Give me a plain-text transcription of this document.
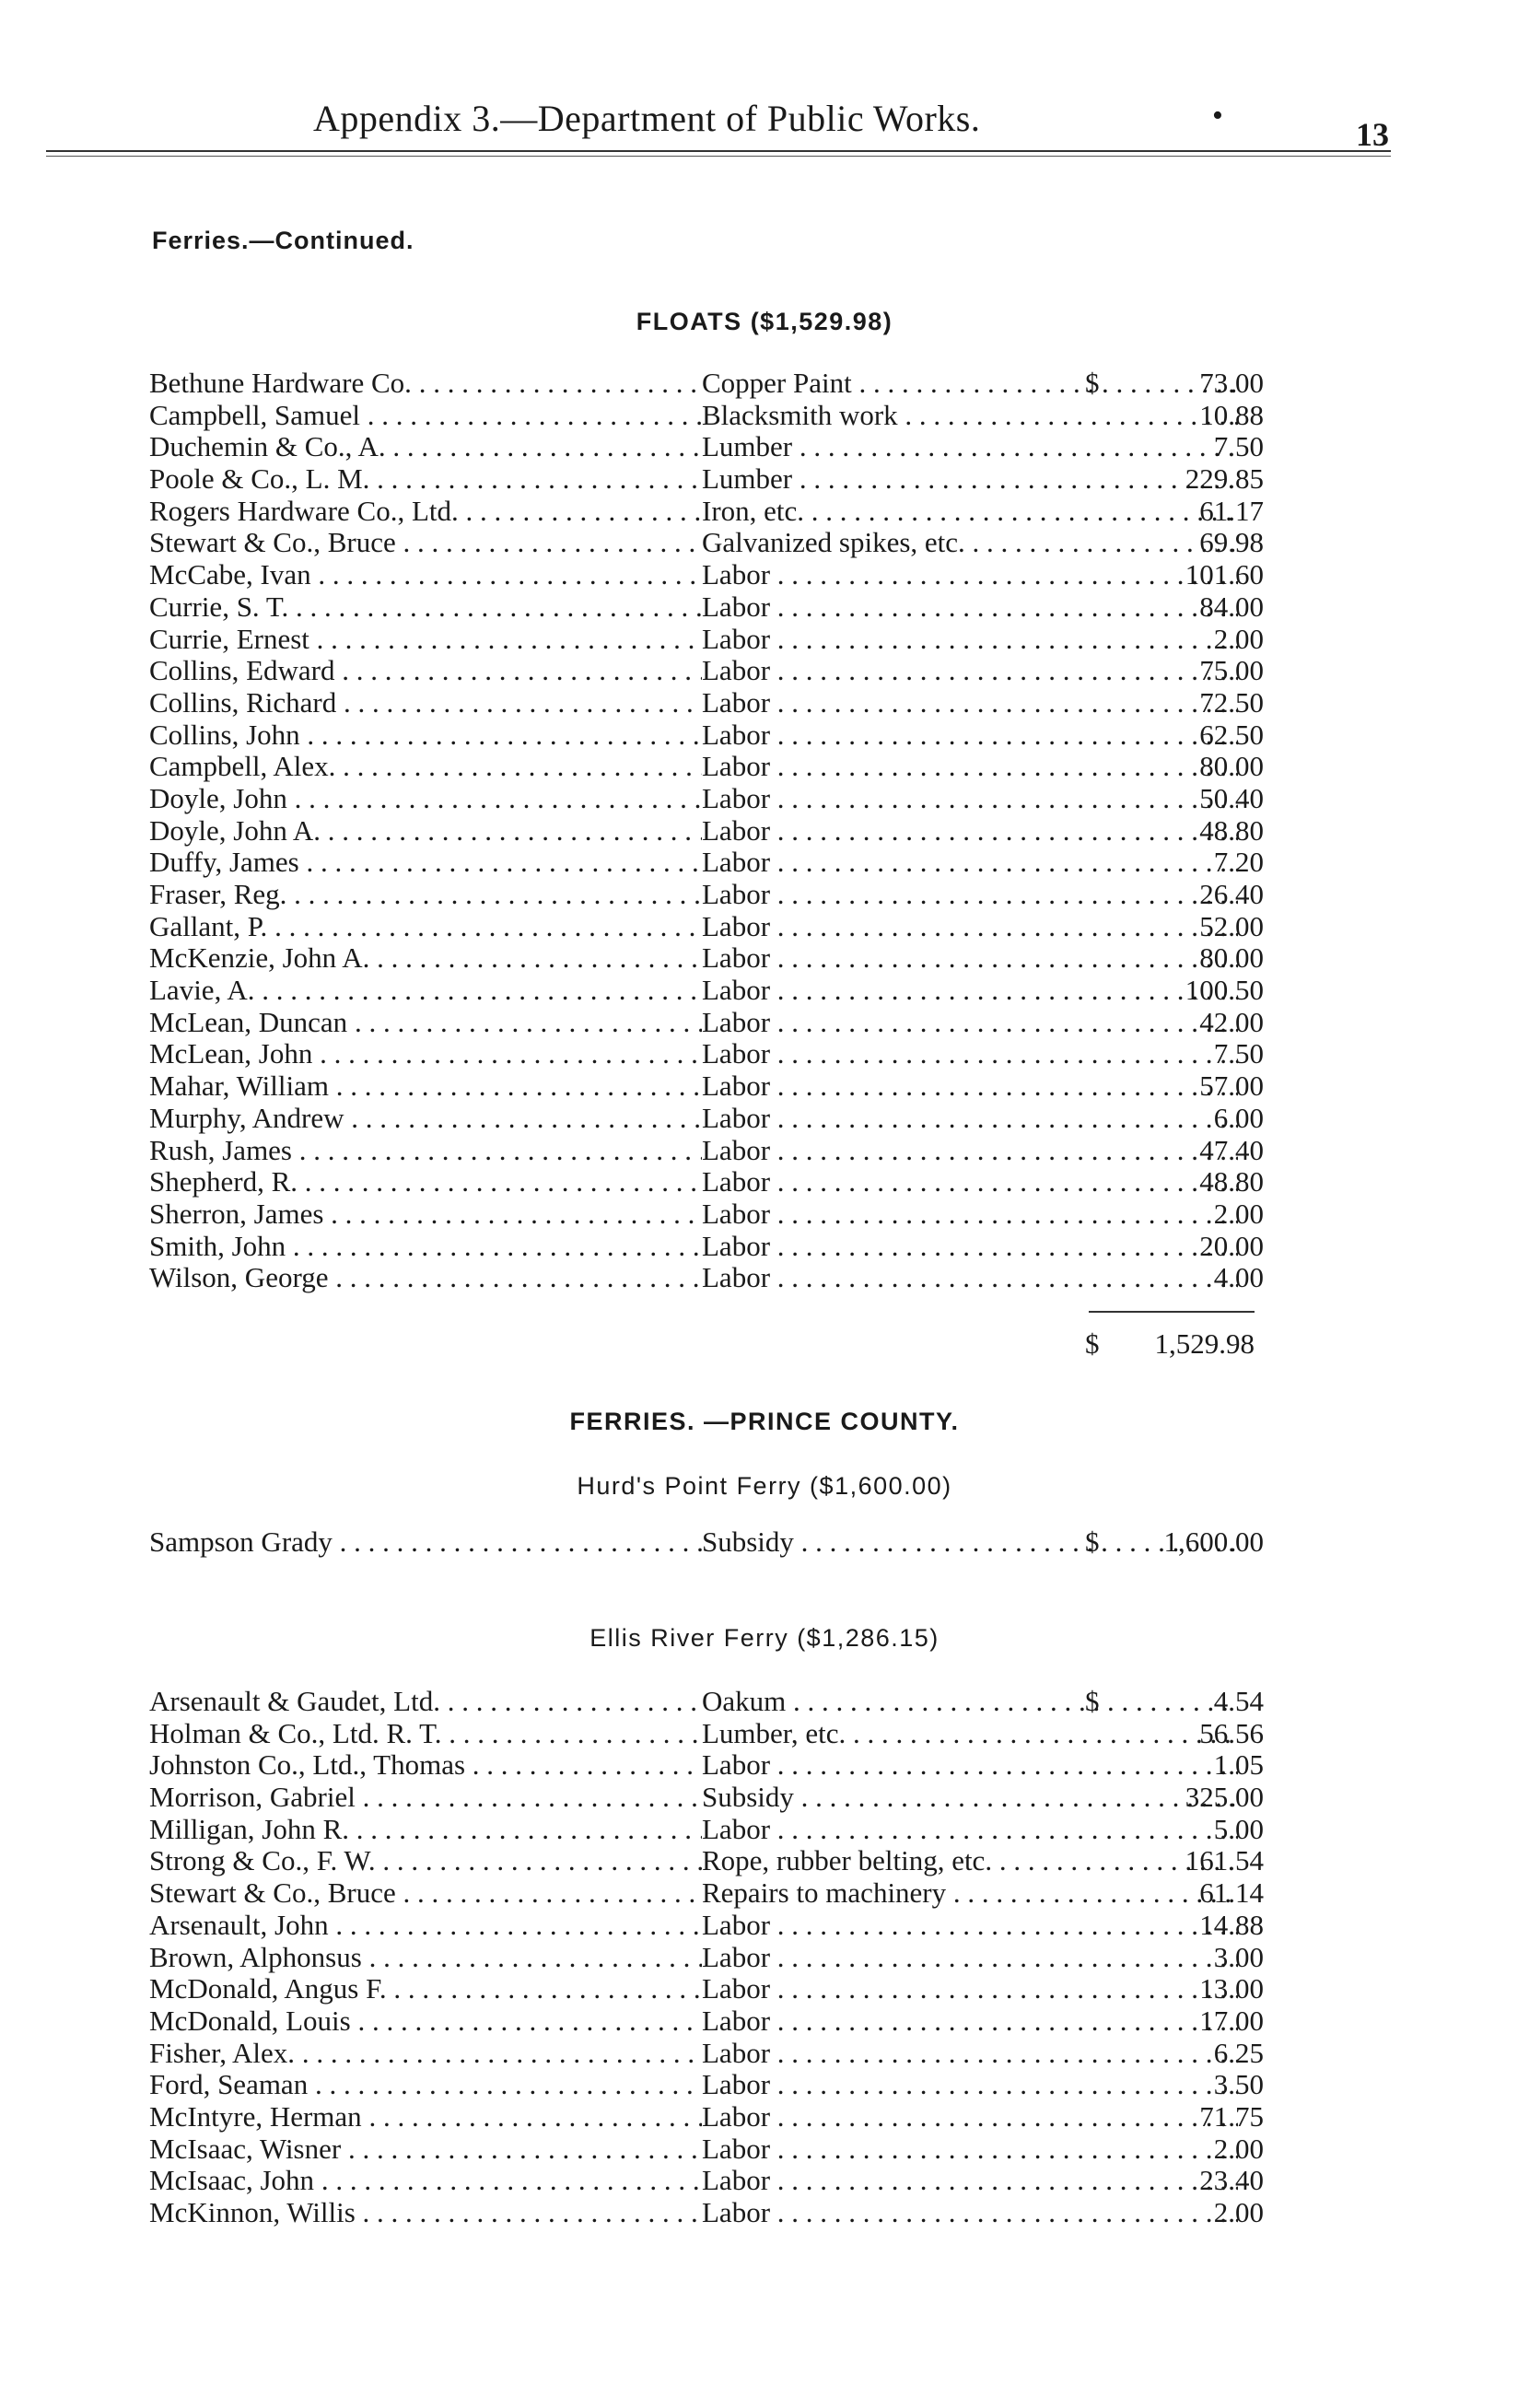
Appendix 3.—Department of Public Works.	•
13
Ferries.—Continued.
FLOATS ($1,529.98)
Bethune Hardware Co. . . .	Copper Paint . . .	$	73.00
Campbell, Samuel . . .	Blacksmith work . . .	10.88
Duchemin & Co., A. . . .	Lumber . . .	7.50
Poole & Co., L. M. . . .	Lumber . . .	229.85
Rogers Hardware Co., Ltd. . . .	Iron, etc. . . .	61.17
Stewart & Co., Bruce . . .	Galvanized spikes, etc. . . .	69.98
McCabe, Ivan . . .	Labor . . .	101.60
Currie, S. T. . . .	Labor . . .	84.00
Currie, Ernest . . .	Labor . . .	2.00
Collins, Edward . . .	Labor . . .	75.00
Collins, Richard . . .	Labor . . .	72.50
Collins, John . . .	Labor . . .	62.50
Campbell, Alex. . . .	Labor . . .	80.00
Doyle, John . . .	Labor . . .	50.40
Doyle, John A. . . .	Labor . . .	48.80
Duffy, James . . .	Labor . . .	7.20
Fraser, Reg. . . .	Labor . . .	26.40
Gallant, P. . . .	Labor . . .	52.00
McKenzie, John A. . . .	Labor . . .	80.00
Lavie, A. . . .	Labor . . .	100.50
McLean, Duncan . . .	Labor . . .	42.00
McLean, John . . .	Labor . . .	7.50
Mahar, William . . .	Labor . . .	57.00
Murphy, Andrew . . .	Labor . . .	6.00
Rush, James . . .	Labor . . .	47.40
Shepherd, R. . . .	Labor . . .	48.80
Sherron, James . . .	Labor . . .	2.00
Smith, John . . .	Labor . . .	20.00
Wilson, George . . .	Labor . . .	4.00
$ 1,529.98
FERRIES. —PRINCE COUNTY.
Hurd's Point Ferry ($1,600.00)
Sampson Grady . . .	Subsidy . . .	$ 1,600.00
Ellis River Ferry ($1,286.15)
Arsenault & Gaudet, Ltd. . . .	Oakum . . .	$	4.54
Holman & Co., Ltd. R. T. . . .	Lumber, etc. . . .	56.56
Johnston Co., Ltd., Thomas . . .	Labor . . .	1.05
Morrison, Gabriel . . .	Subsidy . . .	325.00
Milligan, John R. . . .	Labor . . .	5.00
Strong & Co., F. W. . . .	Rope, rubber belting, etc. . . .	161.54
Stewart & Co., Bruce . . .	Repairs to machinery . . .	61.14
Arsenault, John . . .	Labor . . .	14.88
Brown, Alphonsus . . .	Labor . . .	3.00
McDonald, Angus F. . . .	Labor . . .	13.00
McDonald, Louis . . .	Labor . . .	17.00
Fisher, Alex. . . .	Labor . . .	6.25
Ford, Seaman . . .	Labor . . .	3.50
McIntyre, Herman . . .	Labor . . .	71.75
McIsaac, Wisner . . .	Labor . . .	2.00
McIsaac, John . . .	Labor . . .	23.40
McKinnon, Willis . . .	Labor . . .	2.00
